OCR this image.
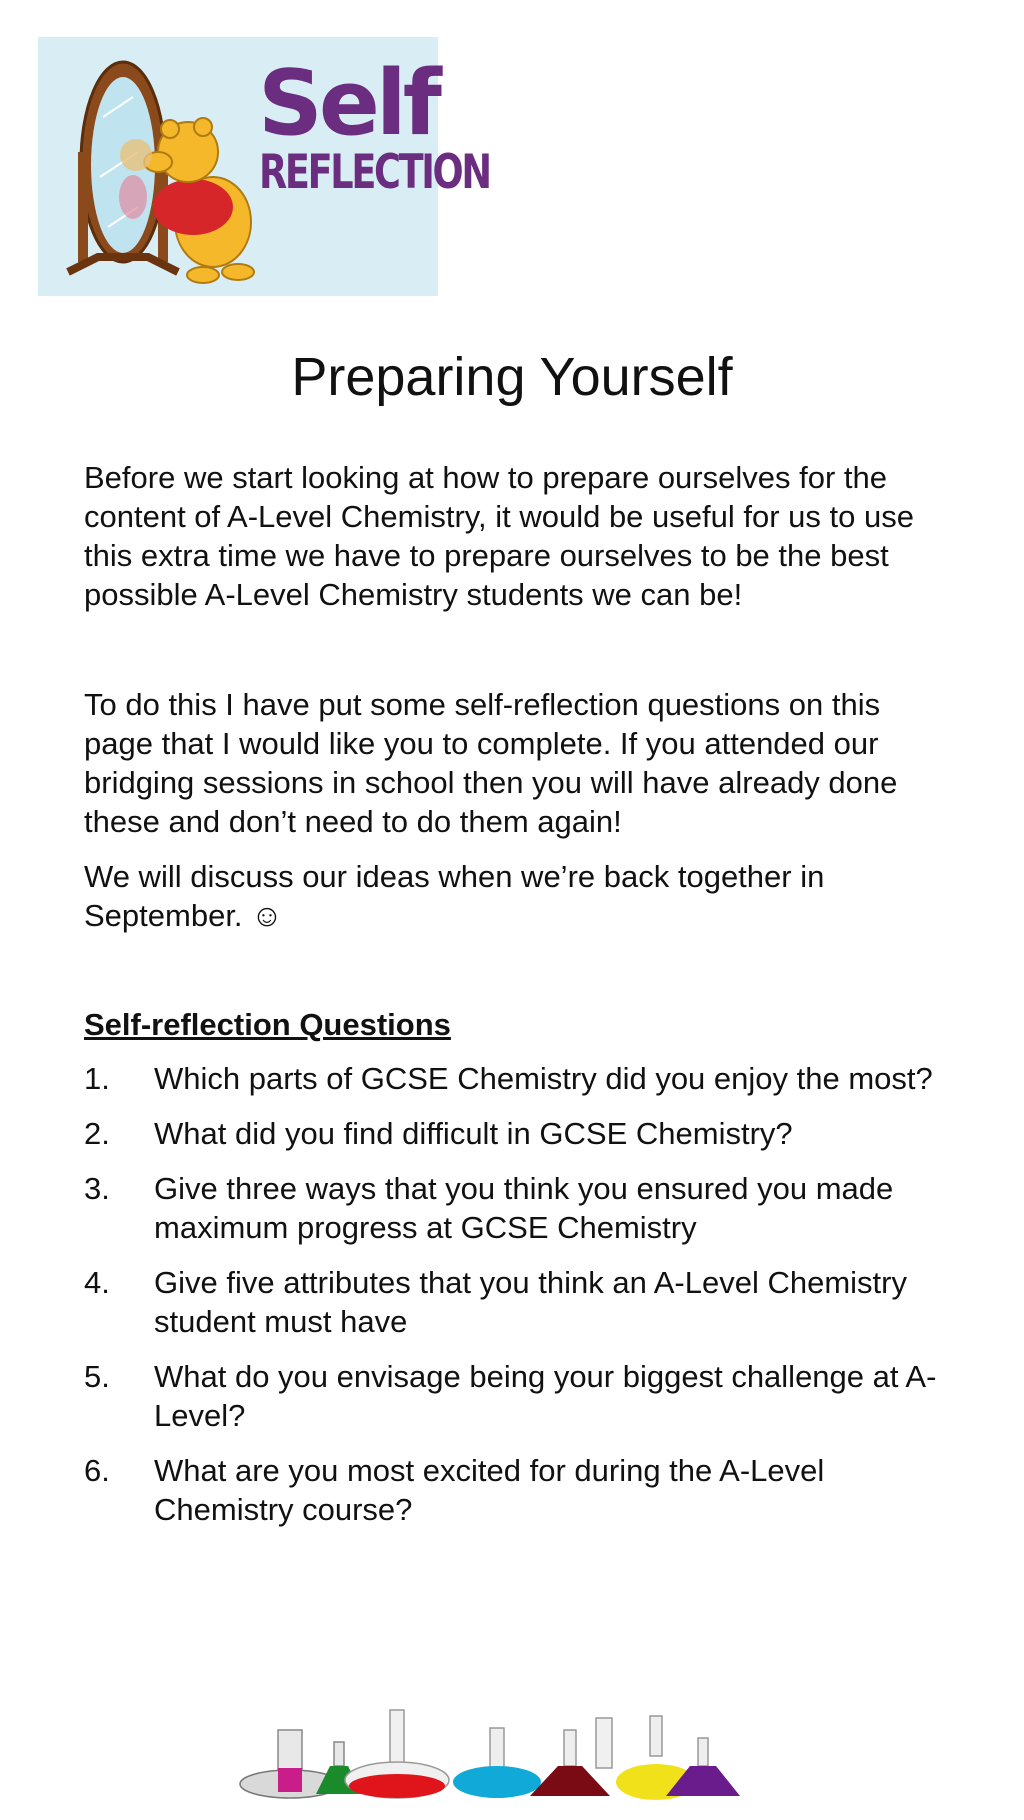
Self
REFLECTION
Preparing Yourself
Before we start looking at how to prepare ourselves for the content of A-Level Chemistry, it would be useful for us to use this extra time we have to prepare ourselves to be the best possible A-Level Chemistry students we can be!
To do this I have put some self-reflection questions on this page that I would like you to complete. If you attended our bridging sessions in school then you will have already done these and don’t need to do them again!
We will discuss our ideas when we’re back together in September. ☺
Self-reflection Questions
1.	Which parts of GCSE Chemistry did you enjoy the most?
2.	What did you find difficult in GCSE Chemistry?
3.	Give three ways that you think you ensured you made maximum progress at GCSE Chemistry
4.	Give five attributes that you think an A-Level Chemistry student must have
5.	What do you envisage being your biggest challenge at A-Level?
6.	What are you most excited for during the A-Level Chemistry course?
